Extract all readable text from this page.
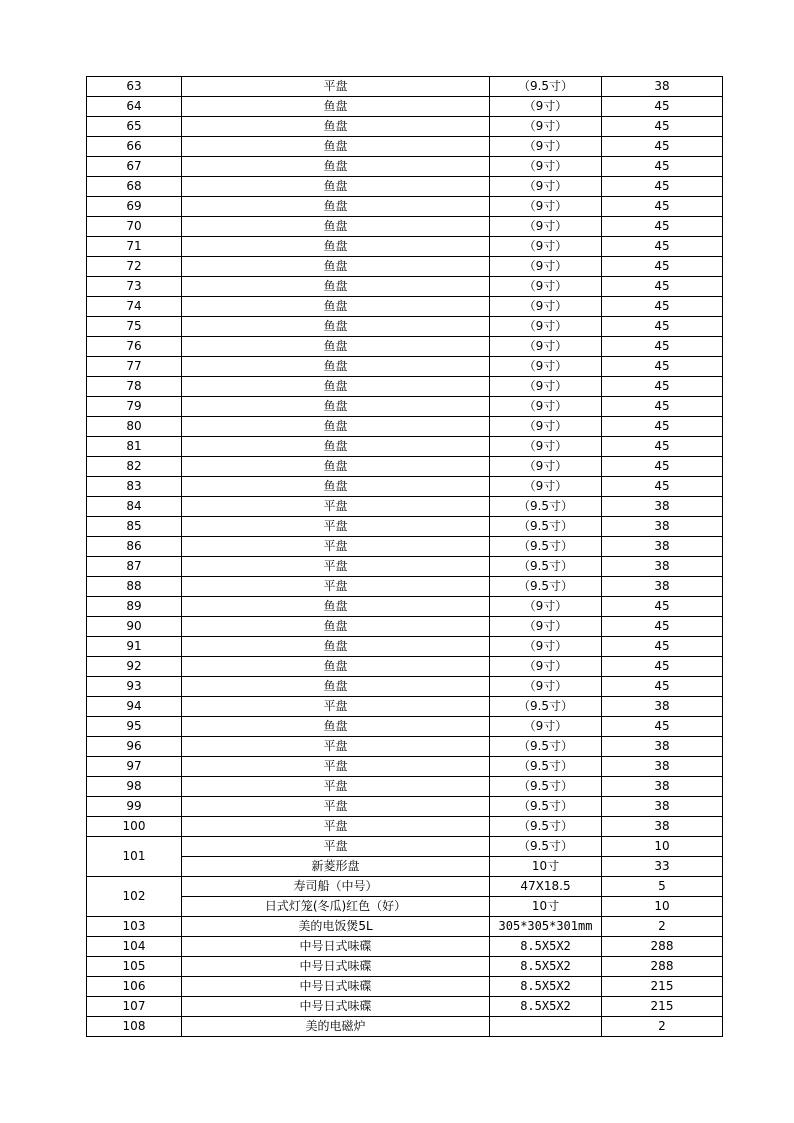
63	平盘	（9.5寸）	38
64	鱼盘	（9寸）	45
65	鱼盘	（9寸）	45
66	鱼盘	（9寸）	45
67	鱼盘	（9寸）	45
68	鱼盘	（9寸）	45
69	鱼盘	（9寸）	45
70	鱼盘	（9寸）	45
71	鱼盘	（9寸）	45
72	鱼盘	（9寸）	45
73	鱼盘	（9寸）	45
74	鱼盘	（9寸）	45
75	鱼盘	（9寸）	45
76	鱼盘	（9寸）	45
77	鱼盘	（9寸）	45
78	鱼盘	（9寸）	45
79	鱼盘	（9寸）	45
80	鱼盘	（9寸）	45
81	鱼盘	（9寸）	45
82	鱼盘	（9寸）	45
83	鱼盘	（9寸）	45
84	平盘	（9.5寸）	38
85	平盘	（9.5寸）	38
86	平盘	（9.5寸）	38
87	平盘	（9.5寸）	38
88	平盘	（9.5寸）	38
89	鱼盘	（9寸）	45
90	鱼盘	（9寸）	45
91	鱼盘	（9寸）	45
92	鱼盘	（9寸）	45
93	鱼盘	（9寸）	45
94	平盘	（9.5寸）	38
95	鱼盘	（9寸）	45
96	平盘	（9.5寸）	38
97	平盘	（9.5寸）	38
98	平盘	（9.5寸）	38
99	平盘	（9.5寸）	38
100	平盘	（9.5寸）	38
101	平盘	（9.5寸）	10
	新菱形盘	10寸	33
102	寿司船（中号）	47X18.5	5
	日式灯笼(冬瓜)红色（好）	10寸	10
103	美的电饭煲5L	305*305*301mm	2
104	中号日式味碟	8.5X5X2	288
105	中号日式味碟	8.5X5X2	288
106	中号日式味碟	8.5X5X2	215
107	中号日式味碟	8.5X5X2	215
108	美的电磁炉		2
